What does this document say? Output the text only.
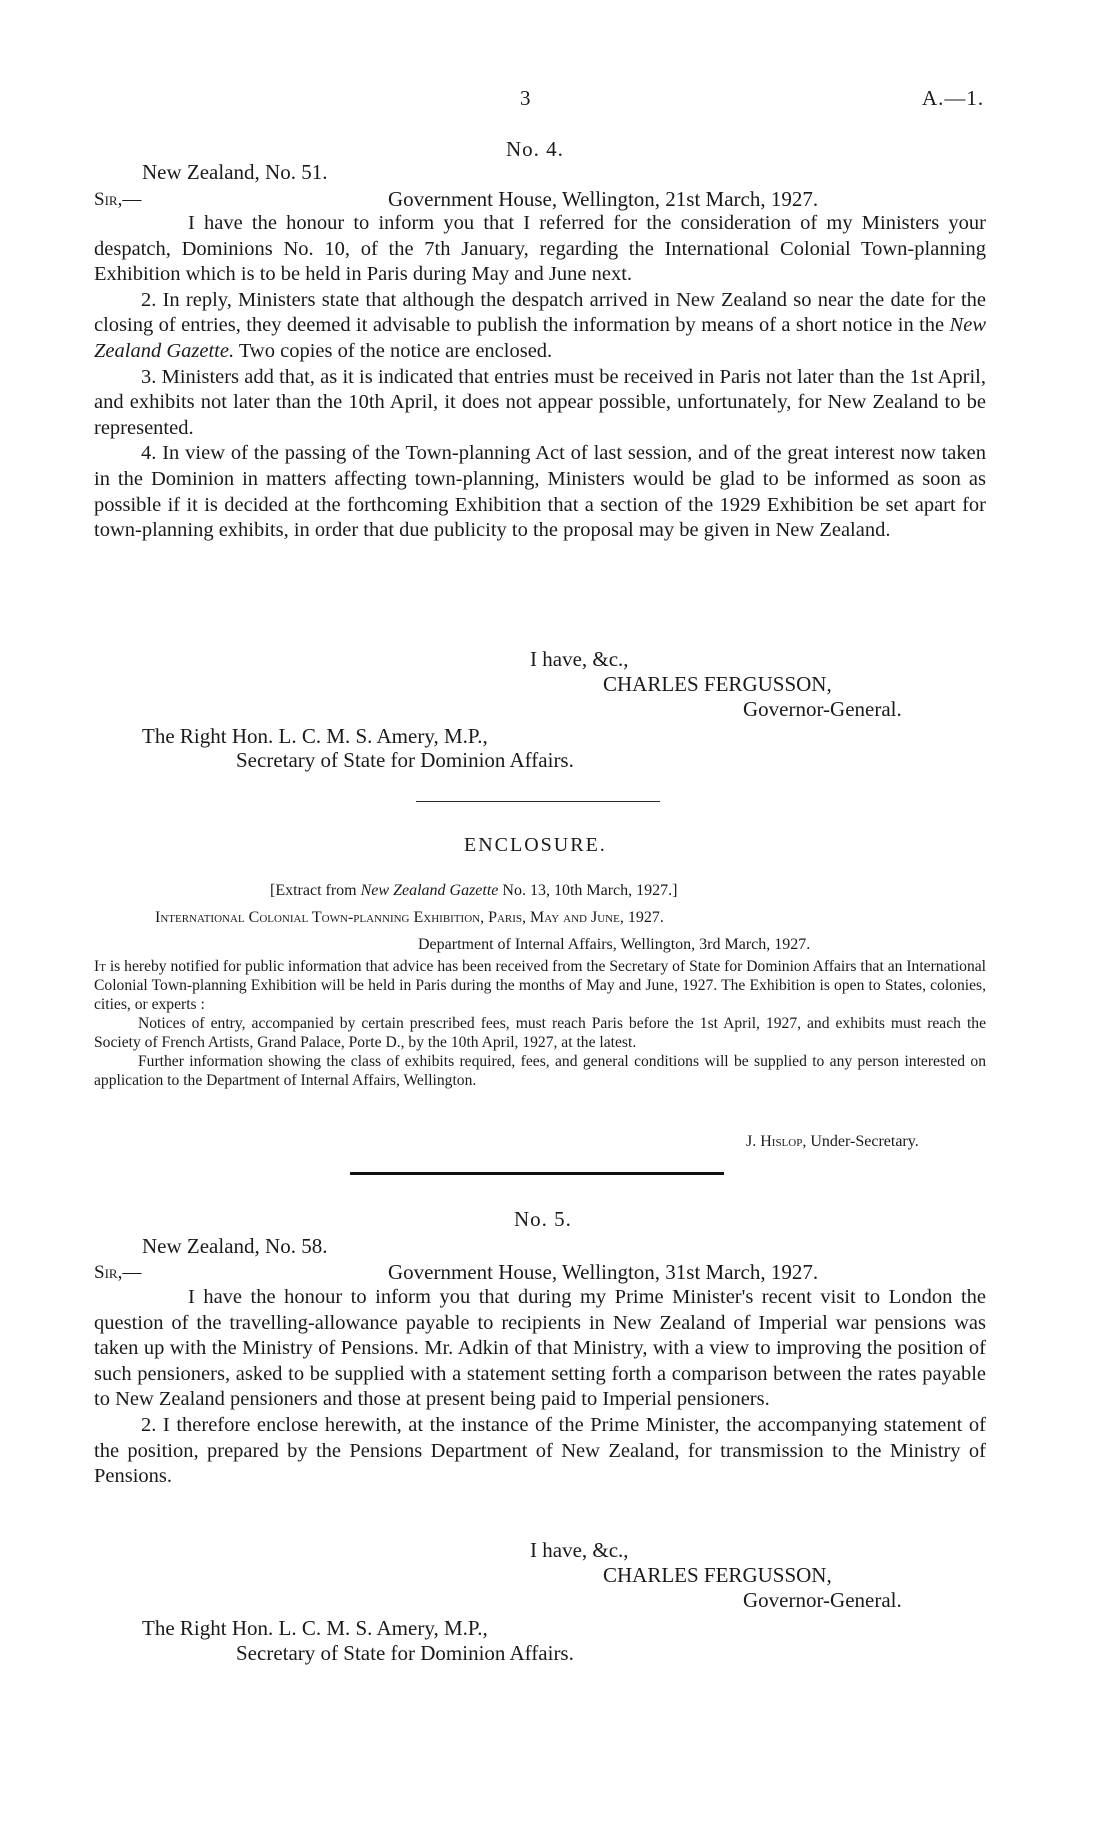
3	A.—1.
No. 4.
New Zealand, No. 51.
Sir,—	Government House, Wellington, 21st March, 1927.

I have the honour to inform you that I referred for the consideration of my Ministers your despatch, Dominions No. 10, of the 7th January, regarding the International Colonial Town-planning Exhibition which is to be held in Paris during May and June next.

2. In reply, Ministers state that although the despatch arrived in New Zealand so near the date for the closing of entries, they deemed it advisable to publish the information by means of a short notice in the New Zealand Gazette. Two copies of the notice are enclosed.

3. Ministers add that, as it is indicated that entries must be received in Paris not later than the 1st April, and exhibits not later than the 10th April, it does not appear possible, unfortunately, for New Zealand to be represented.

4. In view of the passing of the Town-planning Act of last session, and of the great interest now taken in the Dominion in matters affecting town-planning, Ministers would be glad to be informed as soon as possible if it is decided at the forthcoming Exhibition that a section of the 1929 Exhibition be set apart for town-planning exhibits, in order that due publicity to the proposal may be given in New Zealand.

I have, &c.,
CHARLES FERGUSSON,
Governor-General.
The Right Hon. L. C. M. S. Amery, M.P.,
Secretary of State for Dominion Affairs.
ENCLOSURE.
[Extract from New Zealand Gazette No. 13, 10th March, 1927.]
International Colonial Town-planning Exhibition, Paris, May and June, 1927.
Department of Internal Affairs, Wellington, 3rd March, 1927.

It is hereby notified for public information that advice has been received from the Secretary of State for Dominion Affairs that an International Colonial Town-planning Exhibition will be held in Paris during the months of May and June, 1927. The Exhibition is open to States, colonies, cities, or experts :

Notices of entry, accompanied by certain prescribed fees, must reach Paris before the 1st April, 1927, and exhibits must reach the Society of French Artists, Grand Palace, Porte D., by the 10th April, 1927, at the latest.

Further information showing the class of exhibits required, fees, and general conditions will be supplied to any person interested on application to the Department of Internal Affairs, Wellington.

J. Hislop, Under-Secretary.
No. 5.
New Zealand, No. 58.
Sir,—	Government House, Wellington, 31st March, 1927.

I have the honour to inform you that during my Prime Minister's recent visit to London the question of the travelling-allowance payable to recipients in New Zealand of Imperial war pensions was taken up with the Ministry of Pensions. Mr. Adkin of that Ministry, with a view to improving the position of such pensioners, asked to be supplied with a statement setting forth a comparison between the rates payable to New Zealand pensioners and those at present being paid to Imperial pensioners.

2. I therefore enclose herewith, at the instance of the Prime Minister, the accompanying statement of the position, prepared by the Pensions Department of New Zealand, for transmission to the Ministry of Pensions.

I have, &c.,
CHARLES FERGUSSON,
Governor-General.
The Right Hon. L. C. M. S. Amery, M.P.,
Secretary of State for Dominion Affairs.
